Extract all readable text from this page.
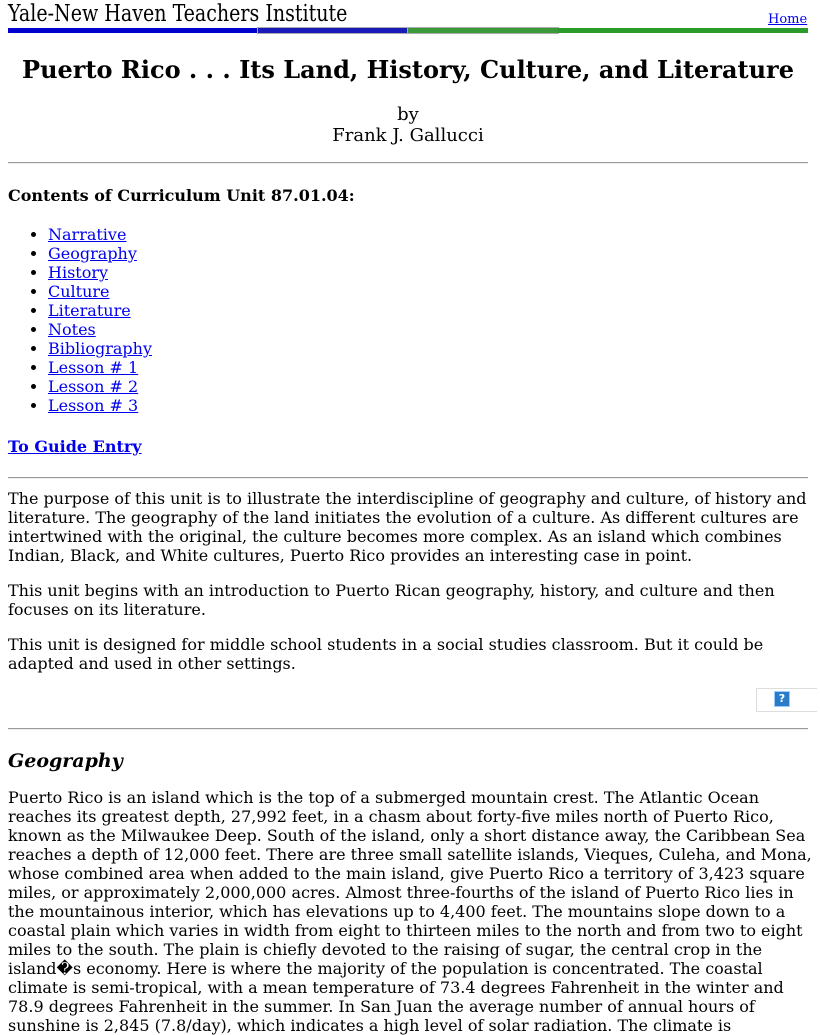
Yale-New Haven Teachers Institute	Home
Puerto Rico . . . Its Land, History, Culture, and Literature
by
Frank J. Gallucci
Contents of Curriculum Unit 87.01.04:
• Narrative
• Geography
• History
• Culture
• Literature
• Notes
• Bibliography
• Lesson # 1
• Lesson # 2
• Lesson # 3
To Guide Entry

The purpose of this unit is to illustrate the interdiscipline of geography and culture, of history and literature. The geography of the land initiates the evolution of a culture. As different cultures are intertwined with the original, the culture becomes more complex. As an island which combines Indian, Black, and White cultures, Puerto Rico provides an interesting case in point.

This unit begins with an introduction to Puerto Rican geography, history, and culture and then focuses on its literature.

This unit is designed for middle school students in a social studies classroom. But it could be adapted and used in other settings.

?
Geography

Puerto Rico is an island which is the top of a submerged mountain crest. The Atlantic Ocean reaches its greatest depth, 27,992 feet, in a chasm about forty-five miles north of Puerto Rico, known as the Milwaukee Deep. South of the island, only a short distance away, the Caribbean Sea reaches a depth of 12,000 feet. There are three small satellite islands, Vieques, Culeha, and Mona, whose combined area when added to the main island, give Puerto Rico a territory of 3,423 square miles, or approximately 2,000,000 acres. Almost three-fourths of the island of Puerto Rico lies in the mountainous interior, which has elevations up to 4,400 feet. The mountains slope down to a coastal plain which varies in width from eight to thirteen miles to the north and from two to eight miles to the south. The plain is chiefly devoted to the raising of sugar, the central crop in the island�s economy. Here is where the majority of the population is concentrated. The coastal climate is semi-tropical, with a mean temperature of 73.4 degrees Fahrenheit in the winter and 78.9 degrees Fahrenheit in the summer. In San Juan the average number of annual hours of sunshine is 2,845 (7.8/day), which indicates a high level of solar radiation. The climate is
